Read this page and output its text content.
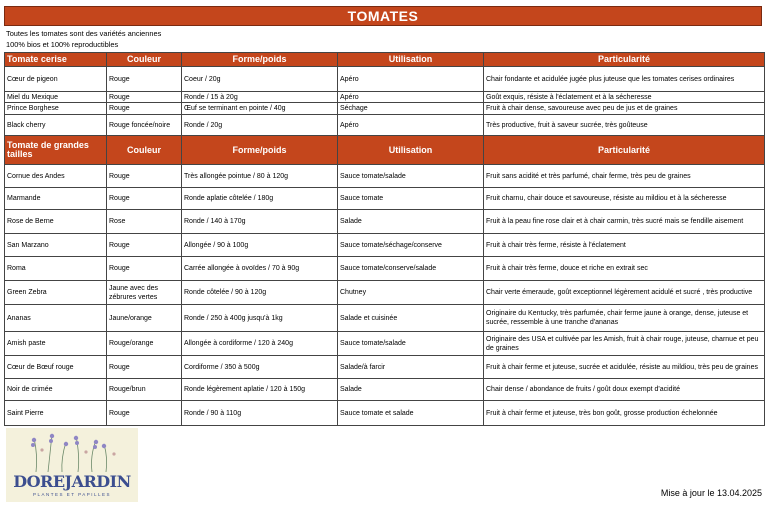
TOMATES
Toutes les tomates sont des variétés anciennes
100% bios et 100% reproductibles
Tomate cerise	Couleur	Forme/poids	Utilisation	Particularité
Cœur de pigeon	Rouge	Coeur / 20g	Apéro	Chair fondante et acidulée jugée plus juteuse que les tomates cerises ordinaires
Miel du Mexique	Rouge	Ronde / 15 à 20g	Apéro	Goût exquis, résiste à l'éclatement et à la sécheresse
Prince Borghese	Rouge	Œuf se terminant en pointe / 40g	Séchage	Fruit à chair dense, savoureuse avec peu de jus et de graines
Black cherry	Rouge foncée/noire	Ronde / 20g	Apéro	Très productive, fruit à saveur sucrée, très goûteuse
Tomate de grandes tailles	Couleur	Forme/poids	Utilisation	Particularité
Cornue des Andes	Rouge	Très allongée pointue / 80 à 120g	Sauce tomate/salade	Fruit sans acidité et très parfumé, chair ferme, très peu de graines
Marmande	Rouge	Ronde aplatie côtelée / 180g	Sauce tomate	Fruit charnu, chair douce et savoureuse, résiste au mildiou et à la sécheresse
Rose de Berne	Rose	Ronde / 140 à 170g	Salade	Fruit à la peau fine rose clair et à chair carmin, très sucré mais se fendille aisement
San Marzano	Rouge	Allongée / 90 à 100g	Sauce tomate/séchage/conserve	Fruit à chair très ferme, résiste à l'éclatement
Roma	Rouge	Carrée allongée à ovoïdes / 70 à 90g	Sauce tomate/conserve/salade	Fruit à chair très ferme, douce et riche en extrait sec
Green Zebra	Jaune avec des zébrures vertes	Ronde côtelée / 90 à 120g	Chutney	Chair verte émeraude, goût exceptionnel légèrement acidulé et sucré , très productive
Ananas	Jaune/orange	Ronde / 250 à 400g jusqu'à 1kg	Salade et cuisinée	Originaire du Kentucky, très parfumée, chair ferme jaune à orange, dense, juteuse et sucrée, ressemble à une tranche d'ananas
Amish paste	Rouge/orange	Allongée à cordiforme / 120 à 240g	Sauce tomate/salade	Originaire des USA et cultivée par les Amish, fruit à chair rouge, juteuse, charnue et peu de graines
Cœur de Bœuf rouge	Rouge	Cordiforme / 350 à 500g	Salade/à farcir	Fruit à chair ferme et juteuse, sucrée et acidulée, résiste au mildiou, très peu de graines
Noir de crimée	Rouge/brun	Ronde légèrement aplatie / 120 à 150g	Salade	Chair dense / abondance de fruits / goût doux exempt d'acidité
Saint Pierre	Rouge	Ronde / 90 à 110g	Sauce tomate et salade	Fruit à chair ferme et juteuse, très bon goût, grosse production échelonnée
DOREJARDIN
PLANTES ET PAPILLES	Mise à jour le 13.04.2025
